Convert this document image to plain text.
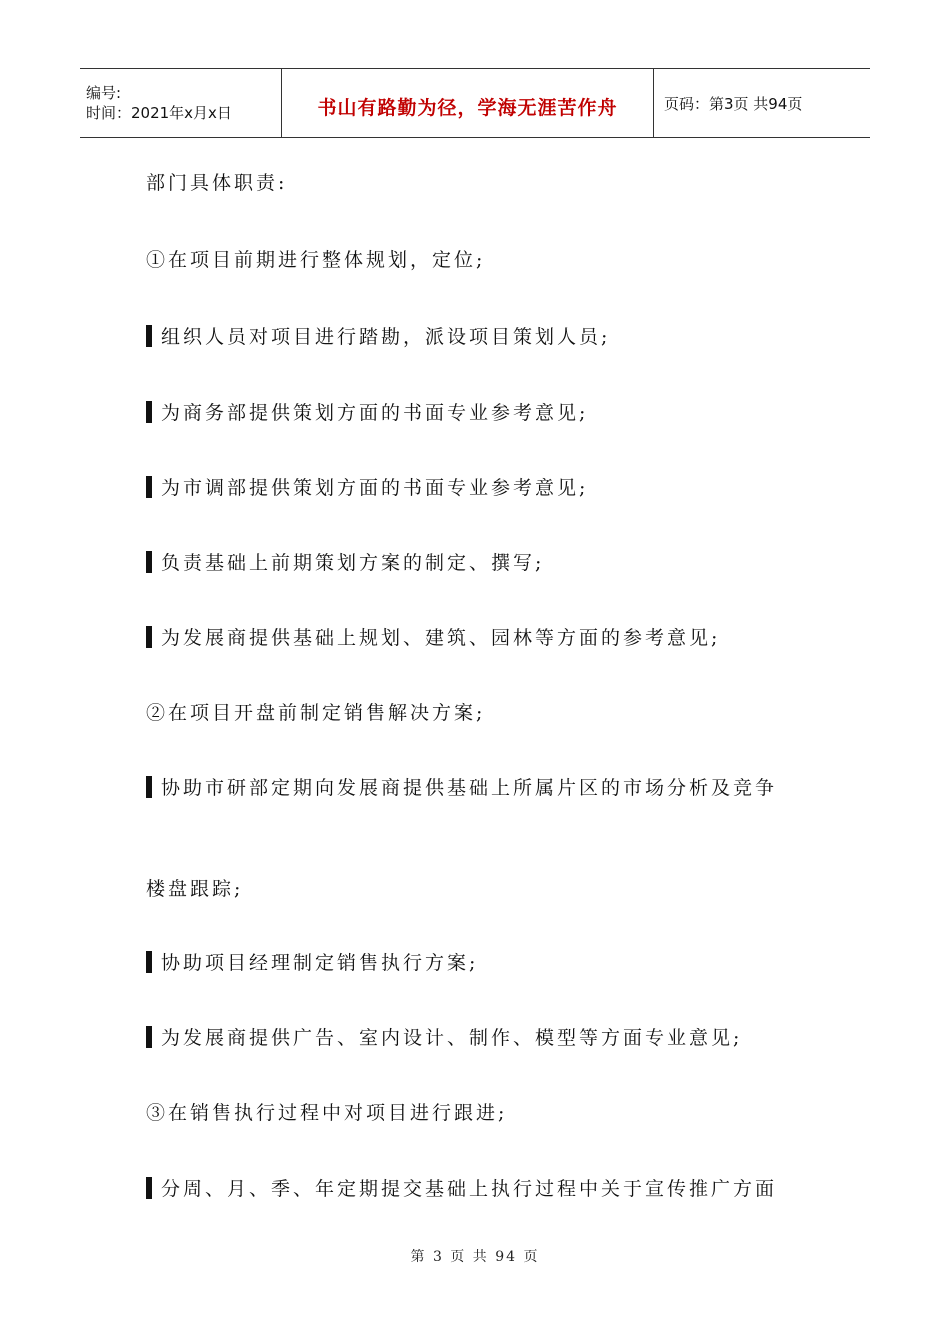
编号:
时间：2021年x月x日	书山有路勤为径，学海无涯苦作舟	页码：第3页 共94页
部门具体职责:
①在项目前期进行整体规划，定位;
组织人员对项目进行踏勘，派设项目策划人员;
为商务部提供策划方面的书面专业参考意见;
为市调部提供策划方面的书面专业参考意见;
负责基础上前期策划方案的制定、撰写;
为发展商提供基础上规划、建筑、园林等方面的参考意见;
②在项目开盘前制定销售解决方案;
协助市研部定期向发展商提供基础上所属片区的市场分析及竞争
楼盘跟踪;
协助项目经理制定销售执行方案;
为发展商提供广告、室内设计、制作、模型等方面专业意见;
③在销售执行过程中对项目进行跟进;
分周、月、季、年定期提交基础上执行过程中关于宣传推广方面
第 3 页 共 94 页
